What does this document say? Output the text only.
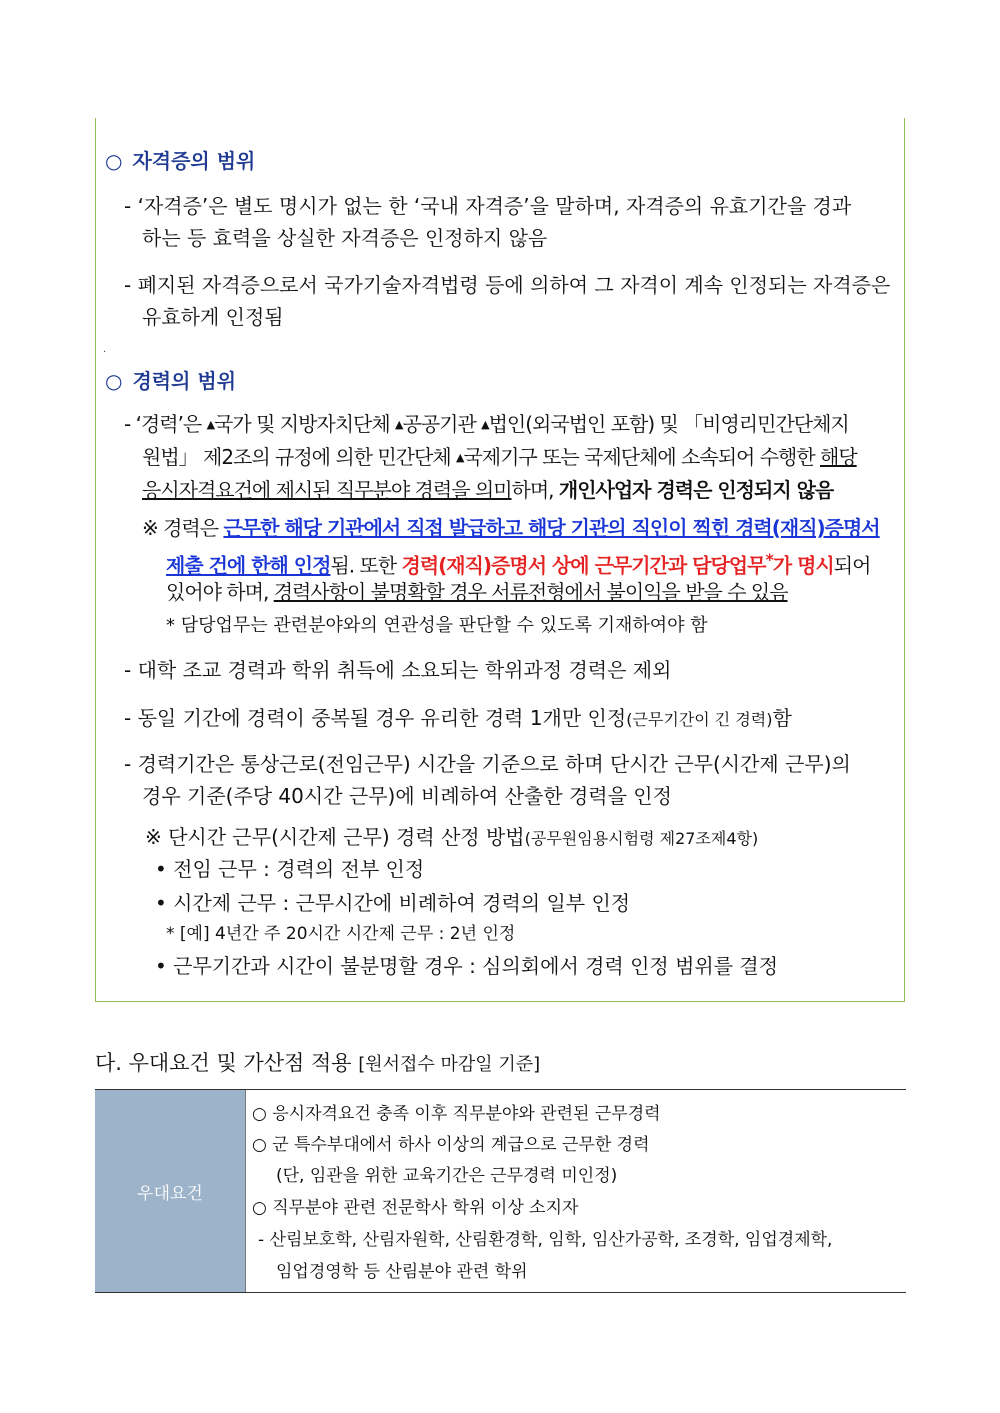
○ 자격증의 범위
- ‘자격증’은 별도 명시가 없는 한 ‘국내 자격증’을 말하며, 자격증의 유효기간을 경과
하는 등 효력을 상실한 자격증은 인정하지 않음
- 폐지된 자격증으로서 국가기술자격법령 등에 의하여 그 자격이 계속 인정되는 자격증은
유효하게 인정됨
.
○ 경력의 범위
- ‘경력’은 ▲국가 및 지방자치단체 ▲공공기관 ▲법인(외국법인 포함) 및 「비영리민간단체지
원법」 제2조의 규정에 의한 민간단체 ▲국제기구 또는 국제단체에 소속되어 수행한 해당
응시자격요건에 제시된 직무분야 경력을 의미하며, 개인사업자 경력은 인정되지 않음
※ 경력은 근무한 해당 기관에서 직접 발급하고 해당 기관의 직인이 찍힌 경력(재직)증명서
제출 건에 한해 인정됨. 또한 경력(재직)증명서 상에 근무기간과 담당업무*가 명시되어
있어야 하며, 경력사항이 불명확할 경우 서류전형에서 불이익을 받을 수 있음
* 담당업무는 관련분야와의 연관성을 판단할 수 있도록 기재하여야 함
- 대학 조교 경력과 학위 취득에 소요되는 학위과정 경력은 제외
- 동일 기간에 경력이 중복될 경우 유리한 경력 1개만 인정(근무기간이 긴 경력)함
- 경력기간은 통상근로(전임근무) 시간을 기준으로 하며 단시간 근무(시간제 근무)의
경우 기준(주당 40시간 근무)에 비례하여 산출한 경력을 인정
※ 단시간 근무(시간제 근무) 경력 산정 방법(공무원임용시험령 제27조제4항)
• 전임 근무 : 경력의 전부 인정
• 시간제 근무 : 근무시간에 비례하여 경력의 일부 인정
* [예] 4년간 주 20시간 시간제 근무 : 2년 인정
• 근무기간과 시간이 불분명할 경우 : 심의회에서 경력 인정 범위를 결정
다. 우대요건 및 가산점 적용 [원서접수 마감일 기준]
우대요건
○ 응시자격요건 충족 이후 직무분야와 관련된 근무경력
○ 군 특수부대에서 하사 이상의 계급으로 근무한 경력
(단, 임관을 위한 교육기간은 근무경력 미인정)
○ 직무분야 관련 전문학사 학위 이상 소지자
- 산림보호학, 산림자원학, 산림환경학, 임학, 임산가공학, 조경학, 임업경제학,
임업경영학 등 산림분야 관련 학위
